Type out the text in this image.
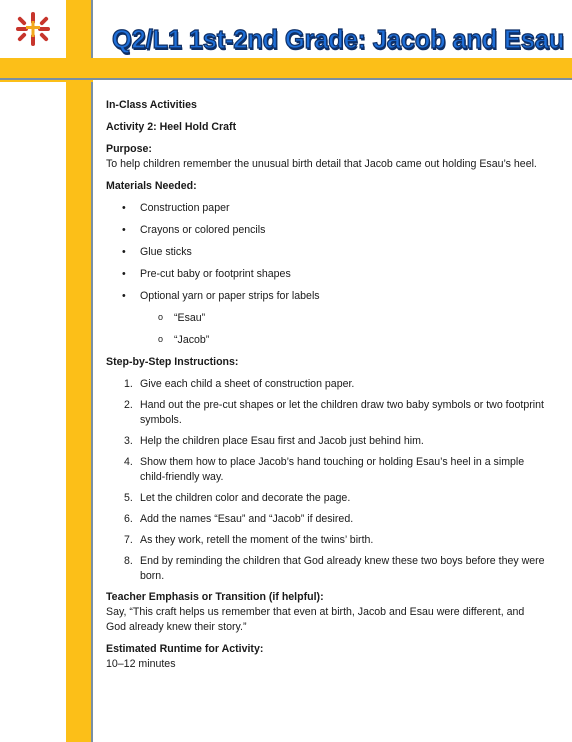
Q2/L1 1st-2nd Grade: Jacob and Esau

In-Class Activities

Activity 2: Heel Hold Craft

Purpose:

To help children remember the unusual birth detail that Jacob came out holding Esau’s heel.

Materials Needed:

• Construction paper
• Crayons or colored pencils
• Glue sticks
• Pre-cut baby or footprint shapes
• Optional yarn or paper strips for labels
o “Esau”
o “Jacob”

Step-by-Step Instructions:

1. Give each child a sheet of construction paper.
2. Hand out the pre-cut shapes or let the children draw two baby symbols or two footprint symbols.
3. Help the children place Esau first and Jacob just behind him.
4. Show them how to place Jacob’s hand touching or holding Esau’s heel in a simple child-friendly way.
5. Let the children color and decorate the page.
6. Add the names “Esau” and “Jacob” if desired.
7. As they work, retell the moment of the twins’ birth.
8. End by reminding the children that God already knew these two boys before they were born.

Teacher Emphasis or Transition (if helpful):

Say, “This craft helps us remember that even at birth, Jacob and Esau were different, and God already knew their story.”

Estimated Runtime for Activity:

10–12 minutes
